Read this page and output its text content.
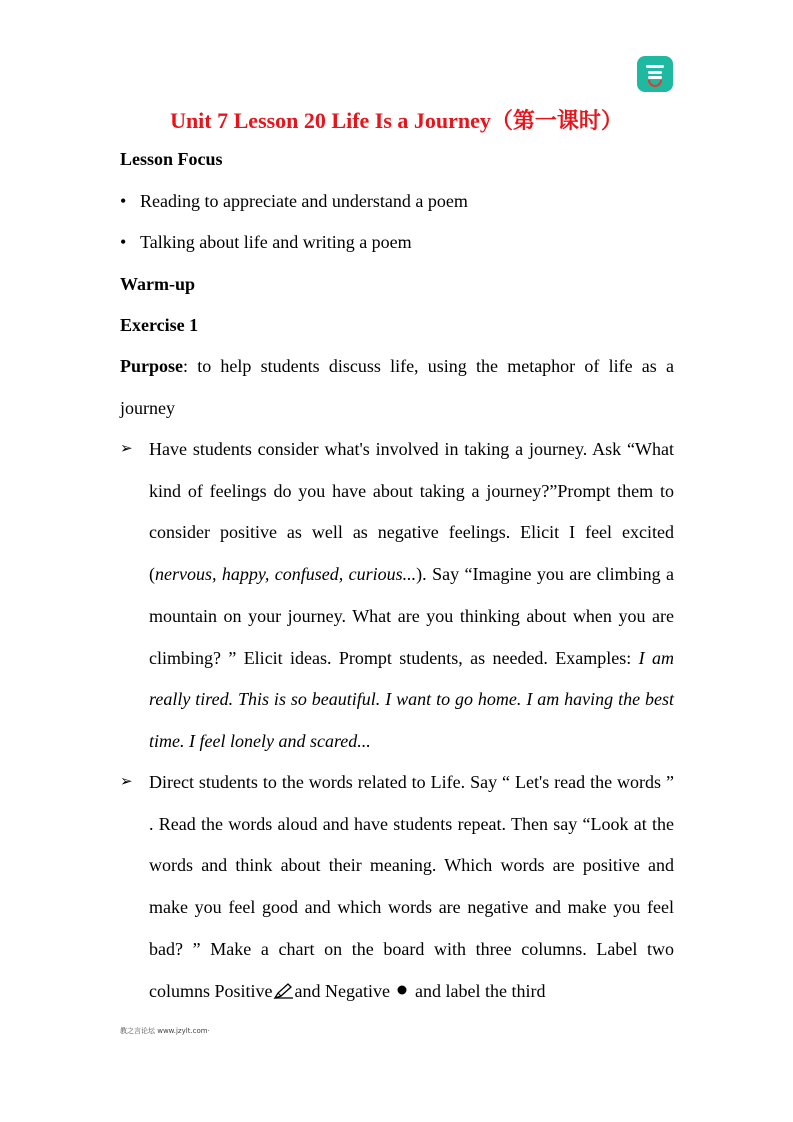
Unit 7 Lesson 20 Life Is a Journey（第一课时）
Lesson Focus
• Reading to appreciate and understand a poem
• Talking about life and writing a poem
Warm-up
Exercise 1
Purpose: to help students discuss life, using the metaphor of life as a journey
➢ Have students consider what's involved in taking a journey. Ask “What kind of feelings do you have about taking a journey?”Prompt them to consider positive as well as negative feelings. Elicit I feel excited (nervous, happy, confused, curious...). Say “Imagine you are climbing a mountain on your journey. What are you thinking about when you are climbing? ” Elicit ideas. Prompt students, as needed. Examples: I am really tired. This is so beautiful. I want to go home. I am having the best time. I feel lonely and scared...
➢ Direct students to the words related to Life. Say “ Let's read the words ” . Read the words aloud and have students repeat. Then say “Look at the words and think about their meaning. Which words are positive and make you feel good and which words are negative and make you feel bad? ” Make a chart on the board with three columns. Label two columns Positive and Negative  and label the third
教之言论坛 www.jzylt.com·
